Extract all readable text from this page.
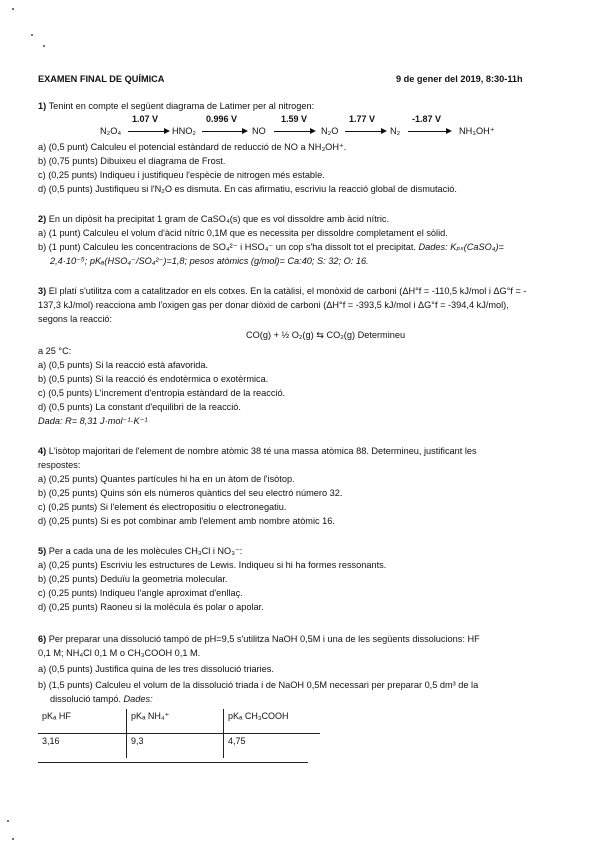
EXAMEN FINAL DE QUÍMICA	9 de gener del 2019, 8:30-11h
1) Tenint en compte el següent diagrama de Latimer per al nitrogen:
N₂O₄
1.07 V
HNO₂
0.996 V
NO
1.59 V
N₂O
1.77 V
N₂
-1.87 V
NH₃OH⁺
a) (0,5 punt) Calculeu el potencial estàndard de reducció de NO a NH₃OH⁺.
b) (0,75 punts) Dibuixeu el diagrama de Frost.
c) (0,25 punts) Indiqueu i justifiqueu l'espècie de nitrogen més estable.
d) (0,5 punts) Justifiqueu si l'N₂O es dismuta. En cas afirmatiu, escriviu la reacció global de dismutació.
2) En un dipòsit ha precipitat 1 gram de CaSO₄(s) que es vol dissoldre amb àcid nítric.
a) (1 punt) Calculeu el volum d'àcid nítric 0,1M que es necessita per dissoldre completament el sòlid.
b) (1 punt) Calculeu les concentracions de SO₄²⁻ i HSO₄⁻ un cop s'ha dissolt tot el precipitat. Dades: Kₚₛ(CaSO₄)=
2,4·10⁻⁵; pKₐ(HSO₄⁻/SO₄²⁻)=1,8; pesos atòmics (g/mol)= Ca:40; S: 32; O: 16.
3) El platí s'utilitza com a catalitzador en els cotxes. En la catàlisi, el monòxid de carboni (ΔH°f = -110,5 kJ/mol i ΔG°f = -
137,3 kJ/mol) reacciona amb l'oxigen gas per donar diòxid de carboni (ΔH°f = -393,5 kJ/mol i ΔG°f = -394,4 kJ/mol),
segons la reacció:
CO(g) + ½ O₂(g) ⇆ CO₂(g) Determineu
a 25 °C:
a) (0,5 punts) Si la reacció està afavorida.
b) (0,5 punts) Si la reacció és endotèrmica o exotèrmica.
c) (0,5 punts) L'increment d'entropia estàndard de la reacció.
d) (0,5 punts) La constant d'equilibri de la reacció.
Dada: R= 8,31 J·mol⁻¹·K⁻¹
4) L'isòtop majoritari de l'element de nombre atòmic 38 té una massa atòmica 88. Determineu, justificant les
respostes:
a) (0,25 punts) Quantes partícules hi ha en un àtom de l'isòtop.
b) (0,25 punts) Quins són els números quàntics del seu electró número 32.
c) (0,25 punts) Si l'element és electropositiu o electronegatiu.
d) (0,25 punts) Si es pot combinar amb l'element amb nombre atòmic 16.
5) Per a cada una de les molècules CH₃Cl i NO₃⁻:
a) (0,25 punts) Escriviu les estructures de Lewis. Indiqueu si hi ha formes ressonants.
b) (0,25 punts) Deduïu la geometria molecular.
c) (0,25 punts) Indiqueu l'angle aproximat d'enllaç.
d) (0,25 punts) Raoneu si la molècula és polar o apolar.
6) Per preparar una dissolució tampó de pH=9,5 s'utilitza NaOH 0,5M i una de les següents dissolucions: HF
0,1 M; NH₄Cl 0,1 M o CH₃COOH 0,1 M.
a) (0,5 punts) Justifica quina de les tres dissolució triaries.
b) (1,5 punts) Calculeu el volum de la dissolució triada i de NaOH 0,5M necessari per preparar 0,5 dm³ de la
dissolució tampó. Dades:
pKₐ HF	pKₐ NH₄⁺	pKₐ CH₃COOH
3,16	9,3	4,75
